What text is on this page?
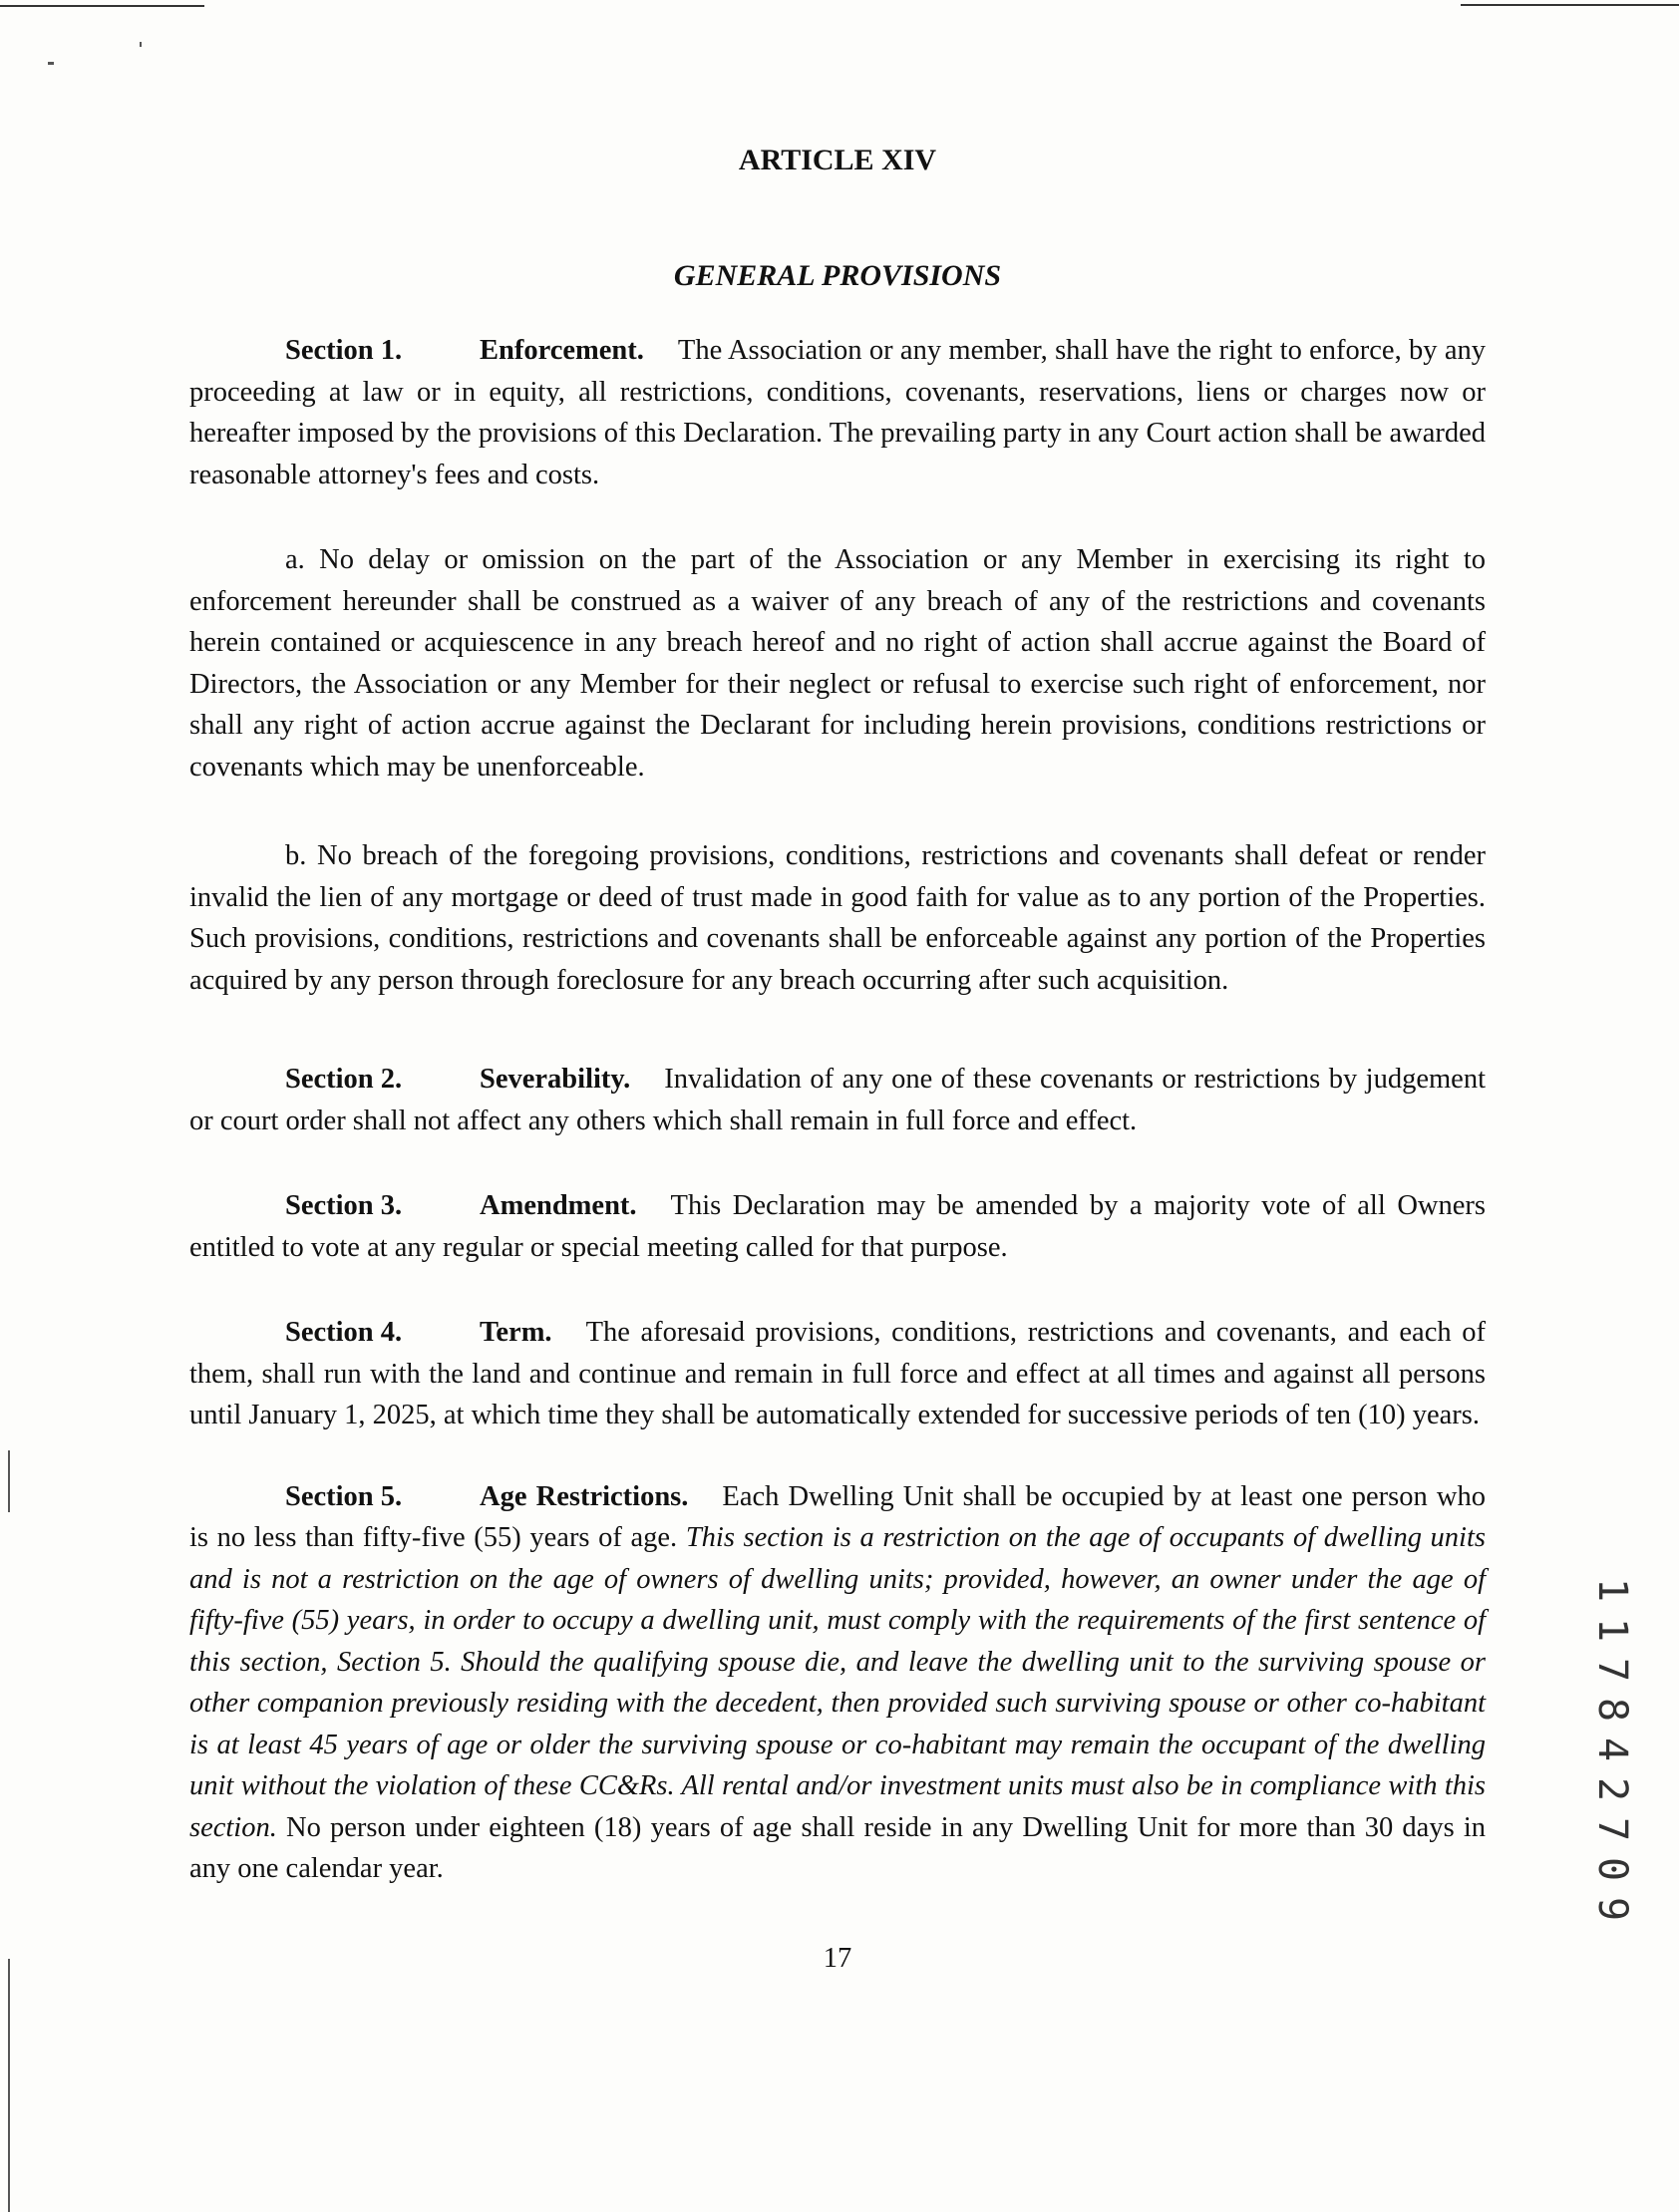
ARTICLE XIV
GENERAL PROVISIONS

Section 1.	Enforcement. The Association or any member, shall have the right to enforce, by any proceeding at law or in equity, all restrictions, conditions, covenants, reservations, liens or charges now or hereafter imposed by the provisions of this Declaration. The prevailing party in any Court action shall be awarded reasonable attorney's fees and costs.

a. No delay or omission on the part of the Association or any Member in exercising its right to enforcement hereunder shall be construed as a waiver of any breach of any of the restrictions and covenants herein contained or acquiescence in any breach hereof and no right of action shall accrue against the Board of Directors, the Association or any Member for their neglect or refusal to exercise such right of enforcement, nor shall any right of action accrue against the Declarant for including herein provisions, conditions restrictions or covenants which may be unenforceable.

b. No breach of the foregoing provisions, conditions, restrictions and covenants shall defeat or render invalid the lien of any mortgage or deed of trust made in good faith for value as to any portion of the Properties. Such provisions, conditions, restrictions and covenants shall be enforceable against any portion of the Properties acquired by any person through foreclosure for any breach occurring after such acquisition.

Section 2.	Severability. Invalidation of any one of these covenants or restrictions by judgement or court order shall not affect any others which shall remain in full force and effect.

Section 3.	Amendment. This Declaration may be amended by a majority vote of all Owners entitled to vote at any regular or special meeting called for that purpose.

Section 4.	Term. The aforesaid provisions, conditions, restrictions and covenants, and each of them, shall run with the land and continue and remain in full force and effect at all times and against all persons until January 1, 2025, at which time they shall be automatically extended for successive periods of ten (10) years.

Section 5.	Age Restrictions. Each Dwelling Unit shall be occupied by at least one person who is no less than fifty-five (55) years of age. This section is a restriction on the age of occupants of dwelling units and is not a restriction on the age of owners of dwelling units; provided, however, an owner under the age of fifty-five (55) years, in order to occupy a dwelling unit, must comply with the requirements of the first sentence of this section, Section 5. Should the qualifying spouse die, and leave the dwelling unit to the surviving spouse or other companion previously residing with the decedent, then provided such surviving spouse or other co-habitant is at least 45 years of age or older the surviving spouse or co-habitant may remain the occupant of the dwelling unit without the violation of these CC&Rs. All rental and/or investment units must also be in compliance with this section. No person under eighteen (18) years of age shall reside in any Dwelling Unit for more than 30 days in any one calendar year.

17
1
1
7
8
4
2
7
0
9
